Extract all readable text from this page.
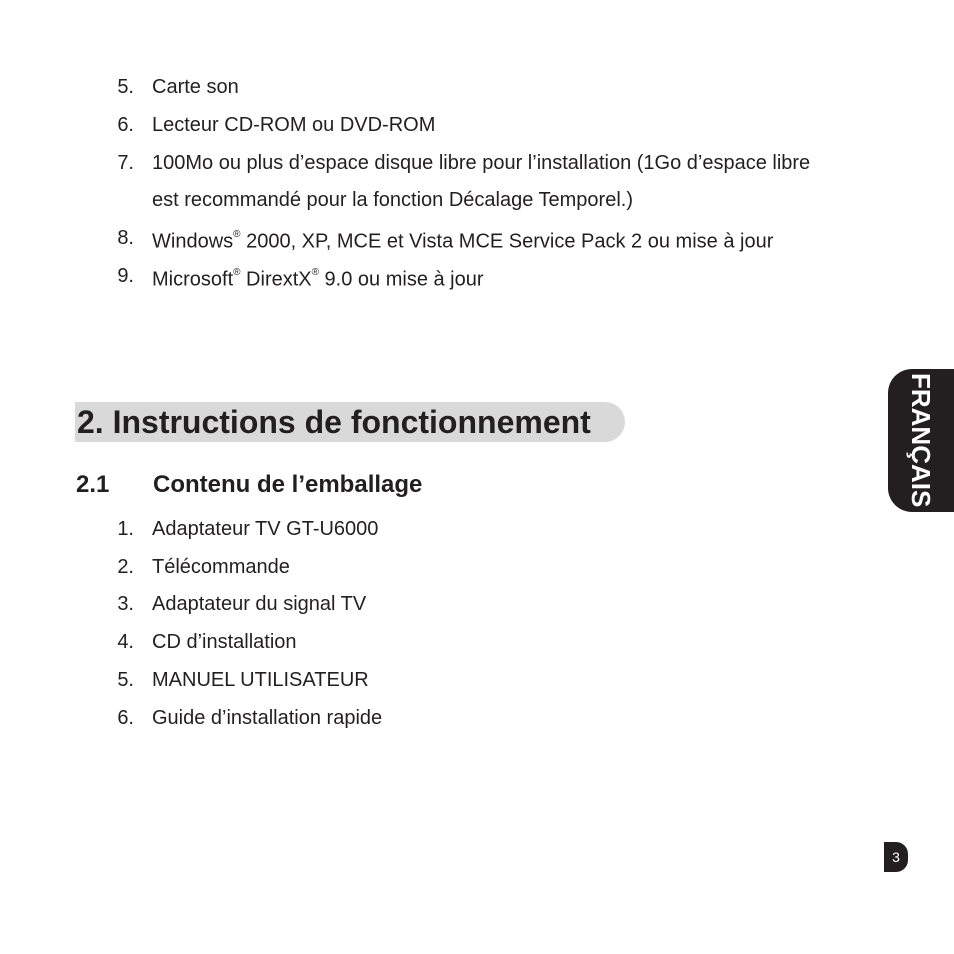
5. Carte son
6. Lecteur CD-ROM ou DVD-ROM
7. 100Mo ou plus d’espace disque libre pour l’installation (1Go d’espace libre
est recommandé pour la fonction Décalage Temporel.)
8. Windows® 2000, XP, MCE et Vista MCE Service Pack 2 ou mise à jour
9. Microsoft® DirextX® 9.0 ou mise à jour
2. Instructions de fonctionnement
2.1 Contenu de l’emballage
1. Adaptateur TV GT-U6000
2. Télécommande
3. Adaptateur du signal TV
4. CD d’installation
5. MANUEL UTILISATEUR
6. Guide d’installation rapide
FRANÇAIS
3
